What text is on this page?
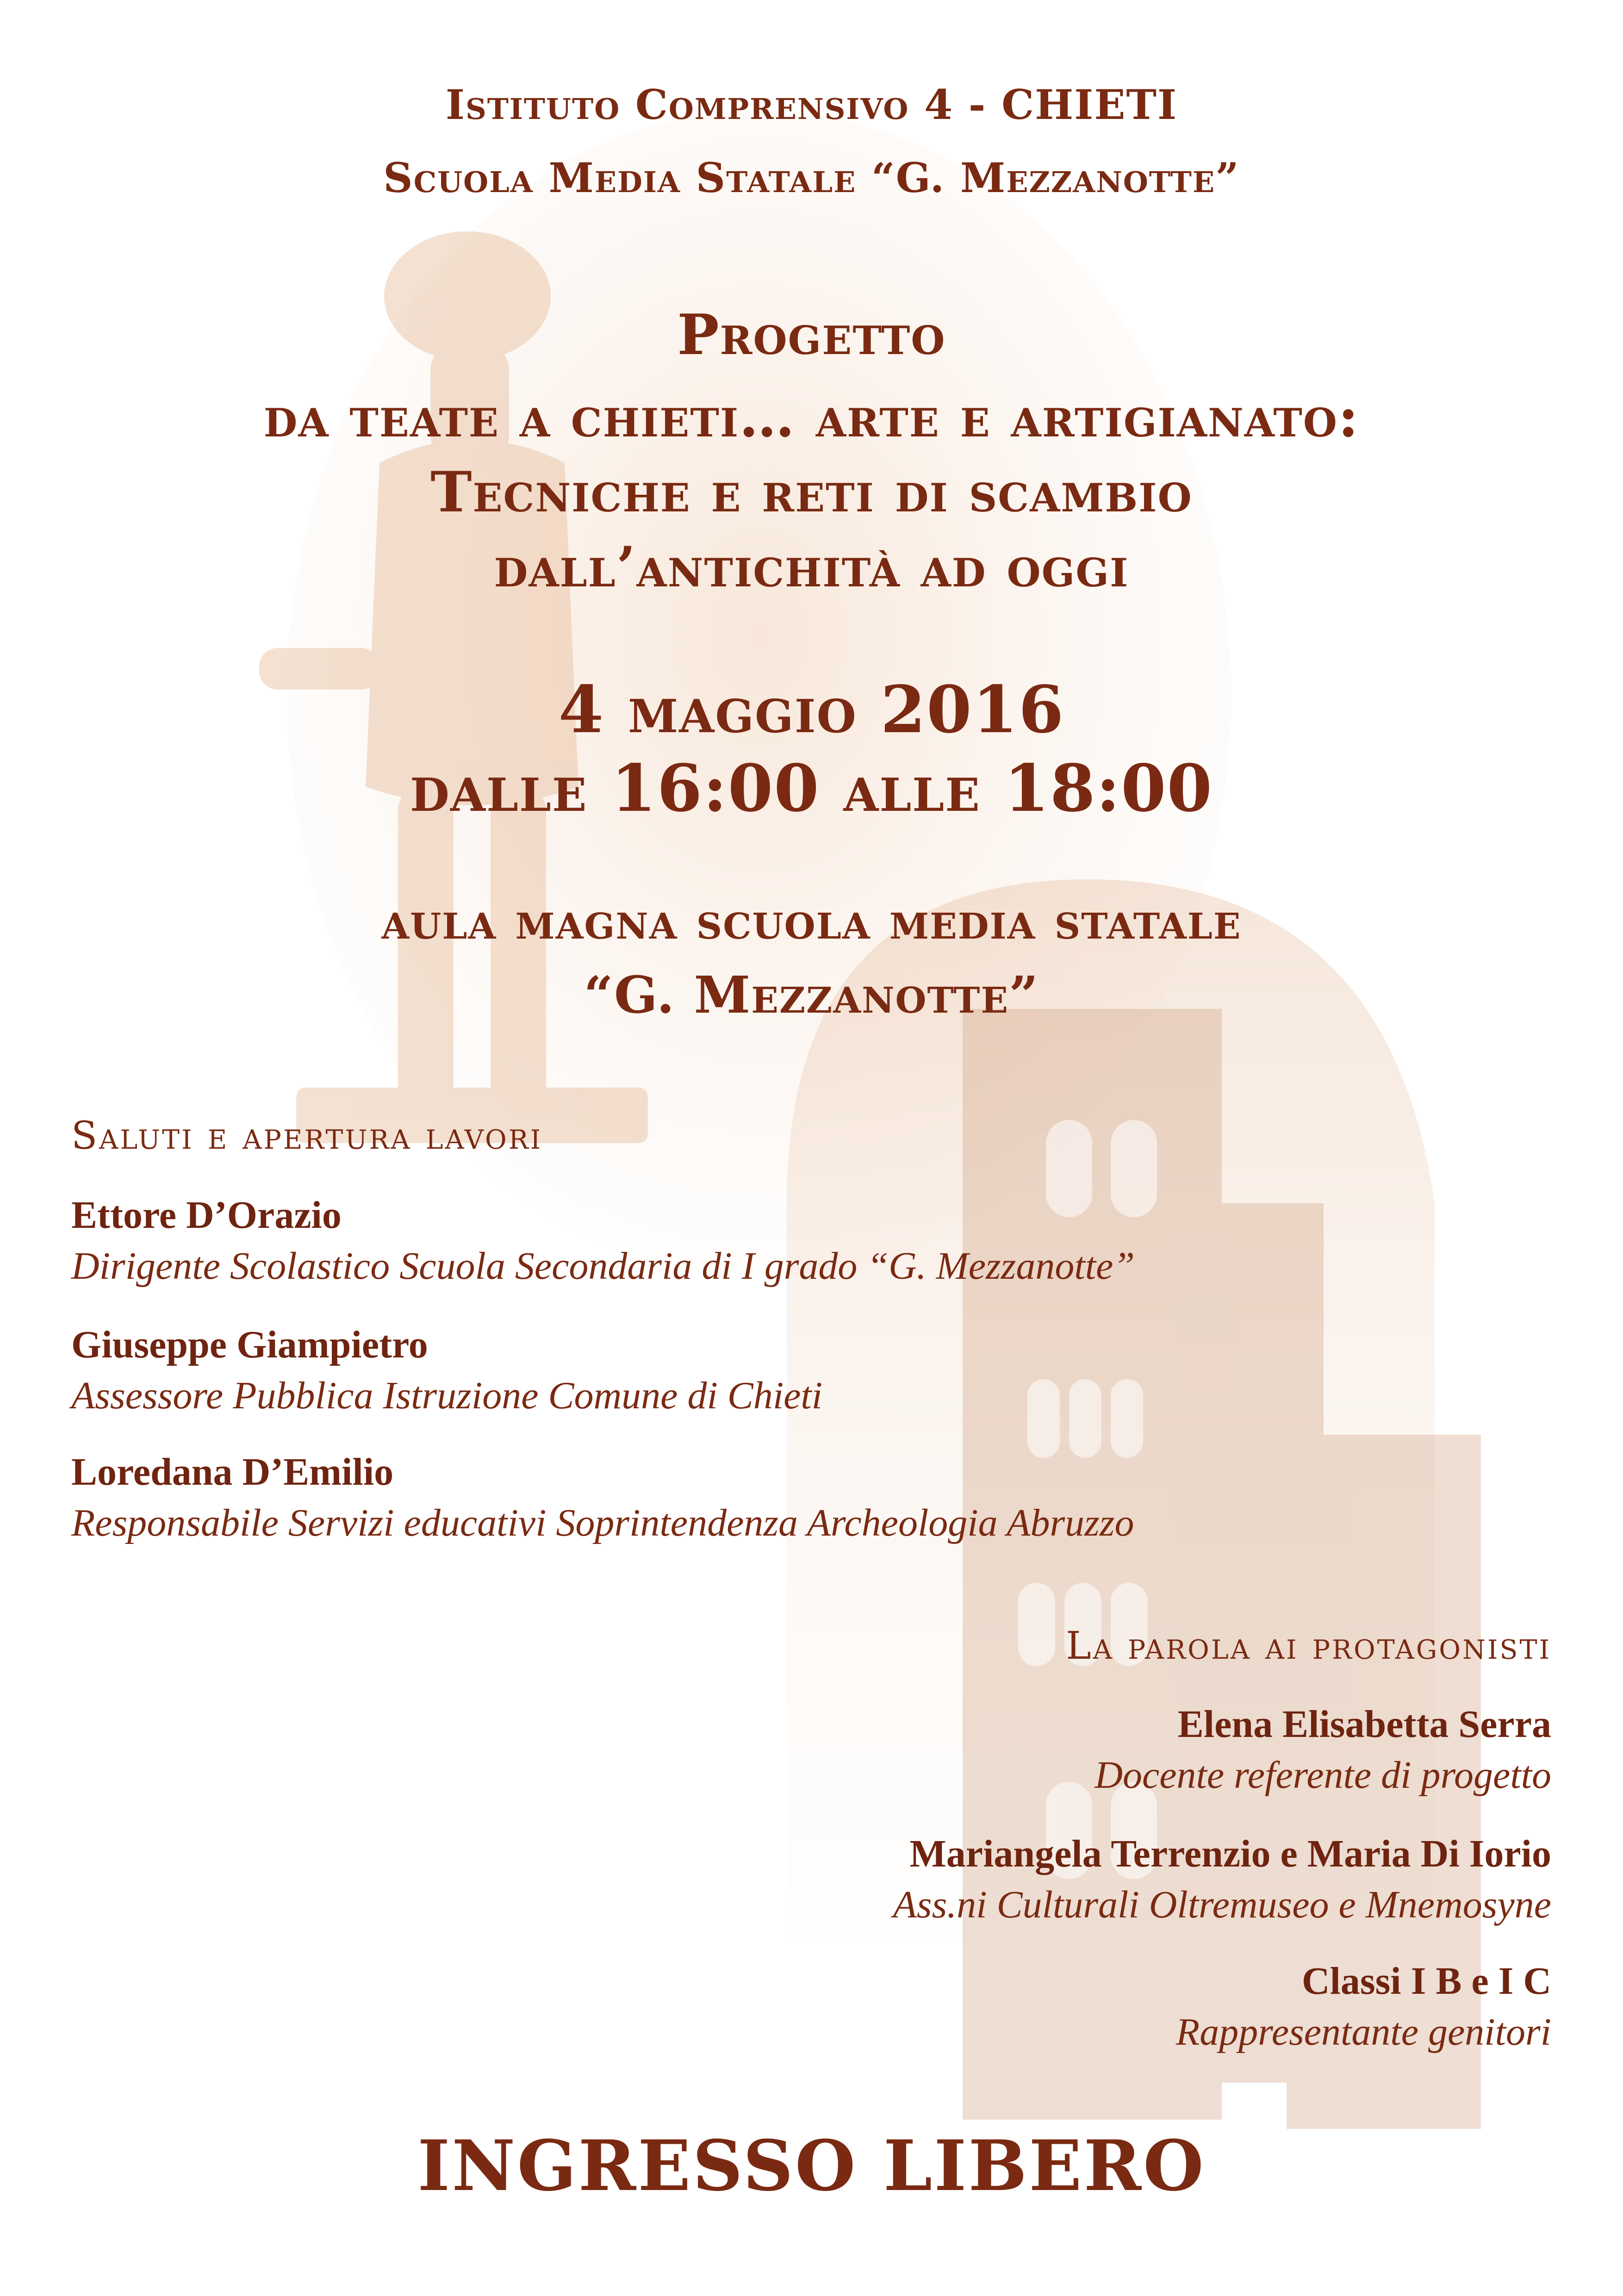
Istituto Comprensivo 4 - CHIETI
Scuola Media Statale “G. Mezzanotte”
Progetto
da teate a chieti… arte e artigianato:
Tecniche e reti di scambio
dall’antichità ad oggi
4 maggio 2016
dalle 16:00 alle 18:00
aula magna scuola media statale
“G. Mezzanotte”
Saluti e apertura lavori
Ettore D’Orazio
Dirigente Scolastico Scuola Secondaria di I grado “G. Mezzanotte”
Giuseppe Giampietro
Assessore Pubblica Istruzione Comune di Chieti
Loredana D’Emilio
Responsabile Servizi educativi Soprintendenza Archeologia Abruzzo
La parola ai protagonisti
Elena Elisabetta Serra
Docente referente di progetto
Mariangela Terrenzio e Maria Di Iorio
Ass.ni Culturali Oltremuseo e Mnemosyne
Classi I B e I C
Rappresentante genitori
INGRESSO LIBERO
